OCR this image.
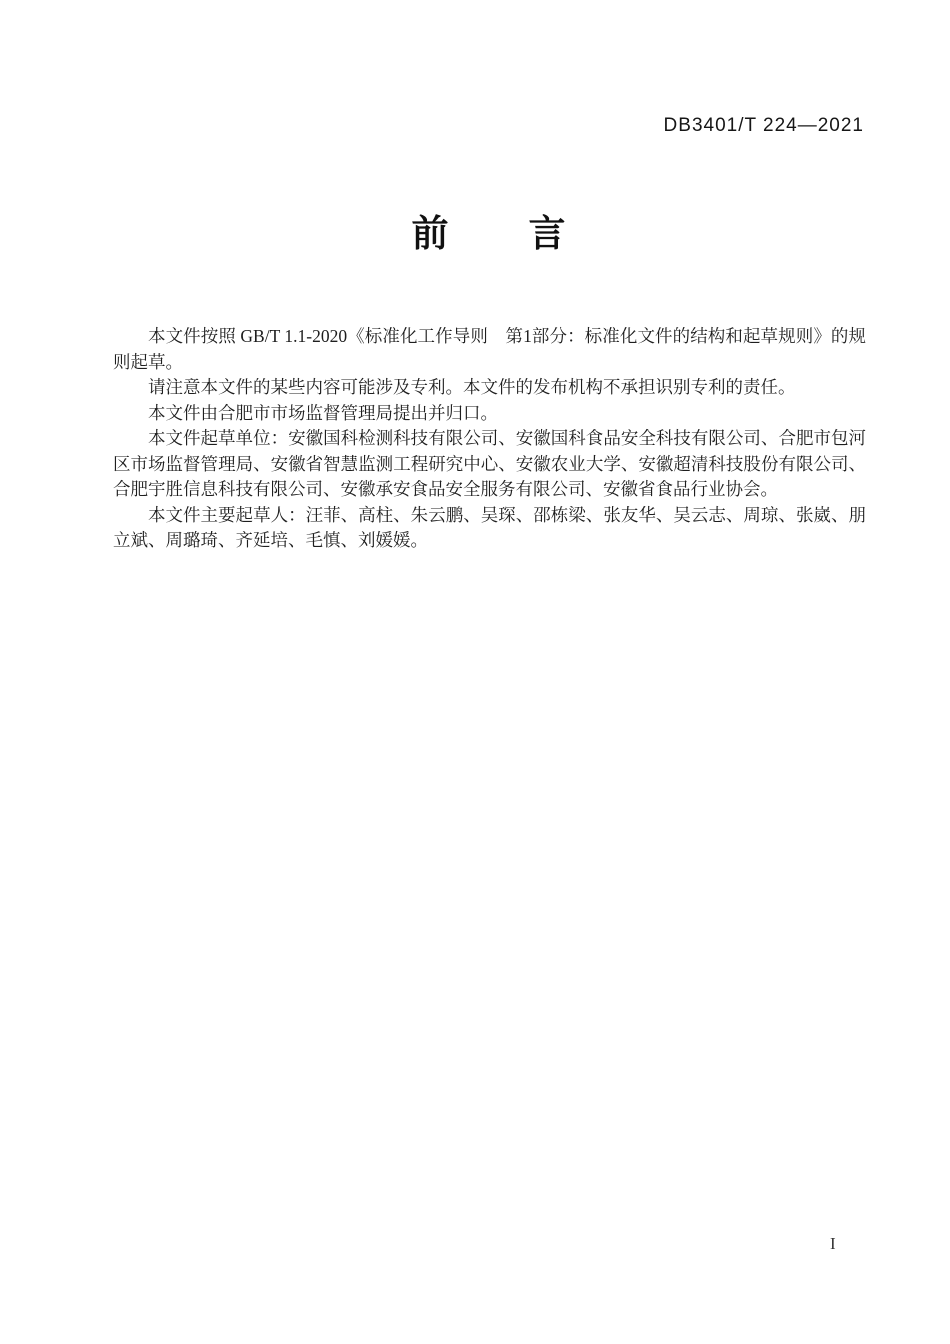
DB3401/T 224—2021
前　　言

本文件按照 GB/T 1.1-2020《标准化工作导则　第1部分：标准化文件的结构和起草规则》的规则起草。

请注意本文件的某些内容可能涉及专利。本文件的发布机构不承担识别专利的责任。

本文件由合肥市市场监督管理局提出并归口。

本文件起草单位：安徽国科检测科技有限公司、安徽国科食品安全科技有限公司、合肥市包河区市场监督管理局、安徽省智慧监测工程研究中心、安徽农业大学、安徽超清科技股份有限公司、合肥宇胜信息科技有限公司、安徽承安食品安全服务有限公司、安徽省食品行业协会。

本文件主要起草人：汪菲、高柱、朱云鹏、吴琛、邵栋梁、张友华、吴云志、周琼、张崴、朋立斌、周璐琦、齐延培、毛慎、刘媛媛。

I
